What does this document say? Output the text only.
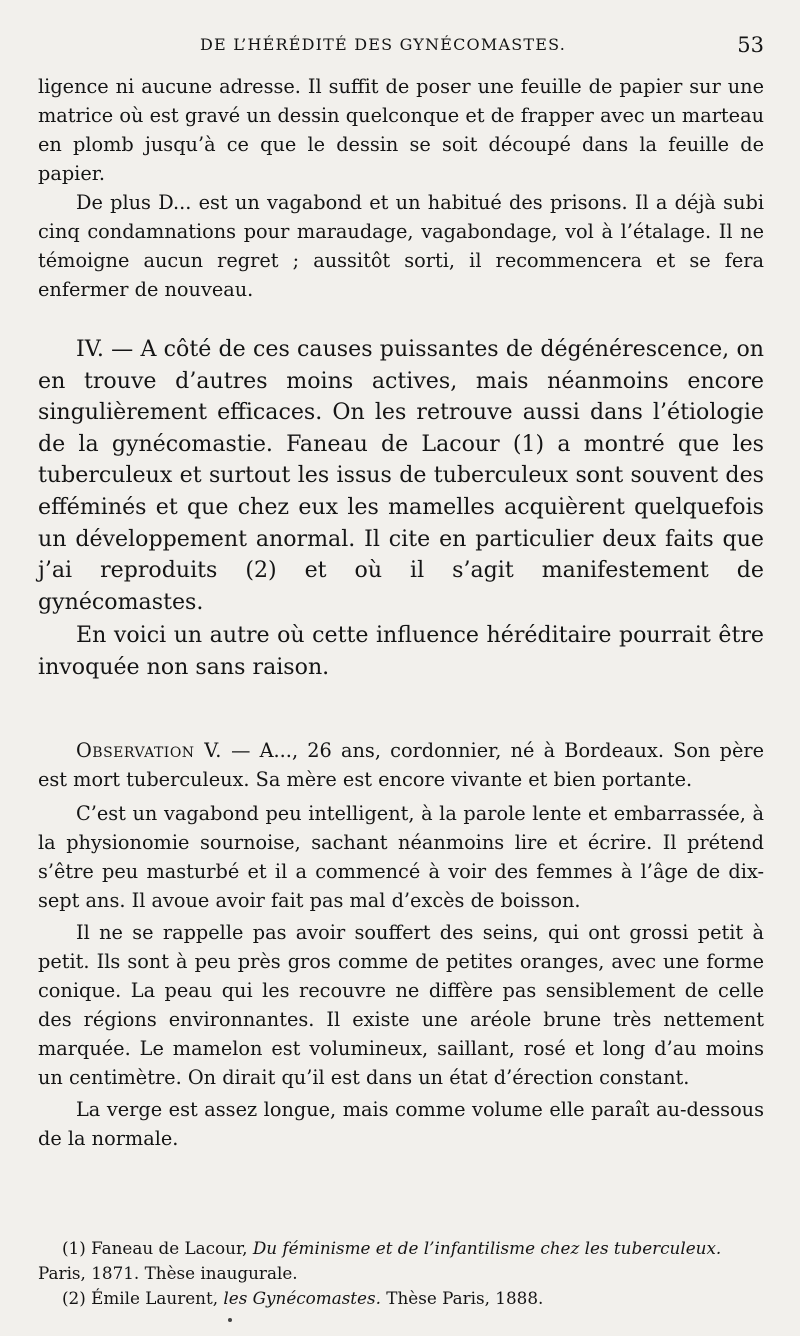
DE L’HÉRÉDITÉ DES GYNÉCOMASTES.	53

ligence ni aucune adresse. Il suffit de poser une feuille de papier sur une matrice où est gravé un dessin quelconque et de frapper avec un marteau en plomb jusqu’à ce que le dessin se soit découpé dans la feuille de papier.

De plus D... est un vagabond et un habitué des prisons. Il a déjà subi cinq condamnations pour maraudage, vagabondage, vol à l’étalage. Il ne témoigne aucun regret ; aussitôt sorti, il recommencera et se fera enfermer de nouveau.

IV. — A côté de ces causes puissantes de dégénérescence, on en trouve d’autres moins actives, mais néanmoins encore singulièrement efficaces. On les retrouve aussi dans l’étiologie de la gynécomastie. Faneau de Lacour (1) a montré que les tuberculeux et surtout les issus de tuberculeux sont souvent des efféminés et que chez eux les mamelles acquièrent quelquefois un développement anormal. Il cite en particulier deux faits que j’ai reproduits (2) et où il s’agit manifestement de gynécomastes.

En voici un autre où cette influence héréditaire pourrait être invoquée non sans raison.

Observation V. — A..., 26 ans, cordonnier, né à Bordeaux. Son père est mort tuberculeux. Sa mère est encore vivante et bien portante.

C’est un vagabond peu intelligent, à la parole lente et embarrassée, à la physionomie sournoise, sachant néanmoins lire et écrire. Il prétend s’être peu masturbé et il a commencé à voir des femmes à l’âge de dix-sept ans. Il avoue avoir fait pas mal d’excès de boisson.

Il ne se rappelle pas avoir souffert des seins, qui ont grossi petit à petit. Ils sont à peu près gros comme de petites oranges, avec une forme conique. La peau qui les recouvre ne diffère pas sensiblement de celle des régions environnantes. Il existe une aréole brune très nettement marquée. Le mamelon est volumineux, saillant, rosé et long d’au moins un centimètre. On dirait qu’il est dans un état d’érection constant.

La verge est assez longue, mais comme volume elle paraît au-dessous de la normale.

(1) Faneau de Lacour, Du féminisme et de l’infantilisme chez les tuberculeux. Paris, 1871. Thèse inaugurale.

(2) Émile Laurent, les Gynécomastes. Thèse Paris, 1888.
